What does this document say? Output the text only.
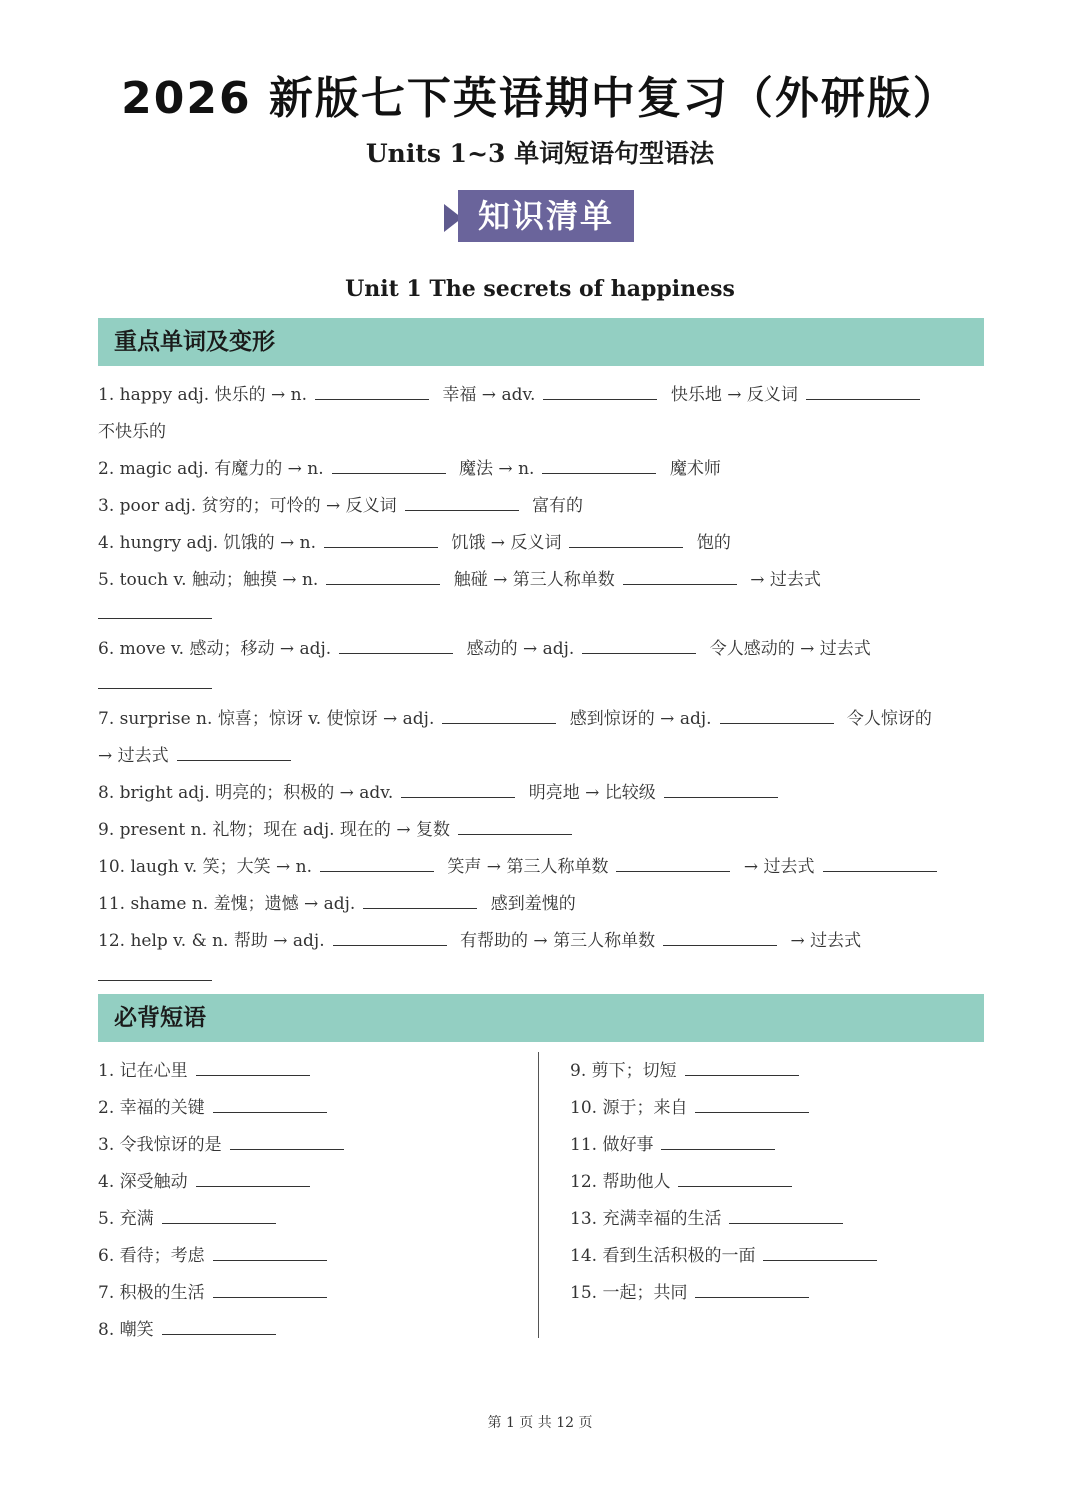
2026 新版七下英语期中复习（外研版）
Units 1~3 单词短语句型语法
知识清单
Unit 1 The secrets of happiness
重点单词及变形
1. happy adj. 快乐的 → n.	幸福 → adv.	快乐地 → 反义词
不快乐的
2. magic adj. 有魔力的 → n.	魔法 → n.	魔术师
3. poor adj. 贫穷的；可怜的 → 反义词	富有的
4. hungry adj. 饥饿的 → n.	饥饿 → 反义词	饱的
5. touch v. 触动；触摸 → n.	触碰 → 第三人称单数	→ 过去式
6. move v. 感动；移动 → adj.	感动的 → adj.	令人感动的 → 过去式
7. surprise n. 惊喜；惊讶 v. 使惊讶 → adj.	感到惊讶的 → adj.	令人惊讶的
→ 过去式
8. bright adj. 明亮的；积极的 → adv.	明亮地 → 比较级
9. present n. 礼物；现在 adj. 现在的 → 复数
10. laugh v. 笑；大笑 → n.	笑声 → 第三人称单数	→ 过去式
11. shame n. 羞愧；遗憾 → adj.	感到羞愧的
12. help v. & n. 帮助 → adj.	有帮助的 → 第三人称单数	→ 过去式
必背短语
1. 记在心里
2. 幸福的关键
3. 令我惊讶的是
4. 深受触动
5. 充满
6. 看待；考虑
7. 积极的生活
8. 嘲笑
9. 剪下；切短
10. 源于；来自
11. 做好事
12. 帮助他人
13. 充满幸福的生活
14. 看到生活积极的一面
15. 一起；共同
第 1 页 共 12 页
